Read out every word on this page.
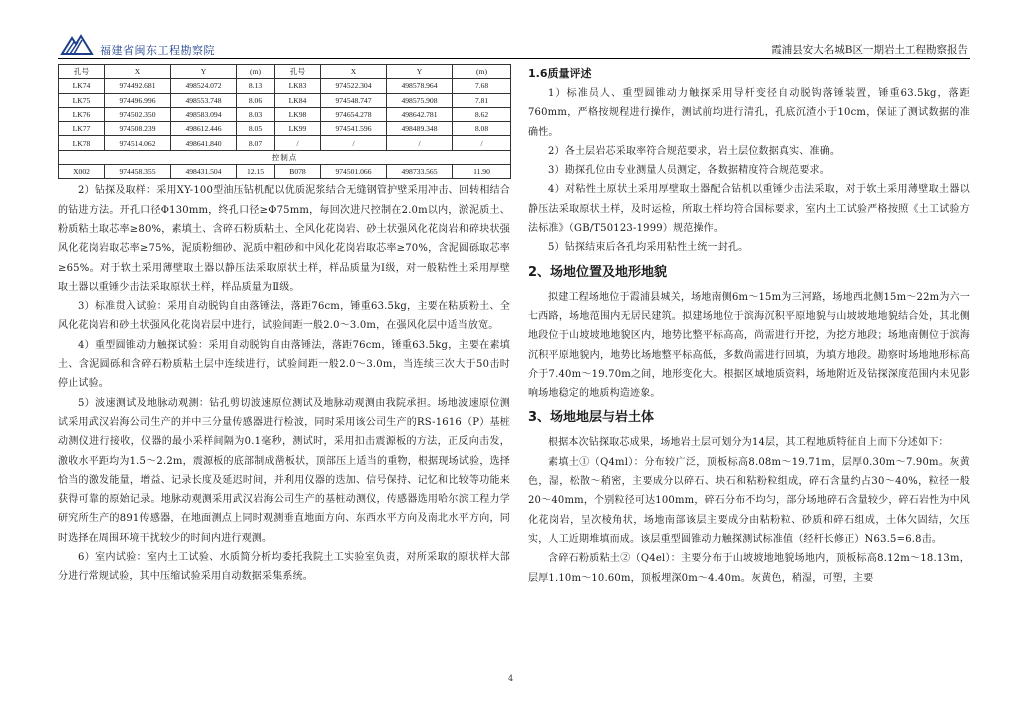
福建省闽东工程勘察院	霞浦县安大名城B区一期岩土工程勘察报告
孔号	X	Y	(m)	孔号	X	Y	(m)
LK74	974492.681	498524.072	8.13	LK83	974522.304	498578.964	7.68
LK75	974496.996	498553.748	8.06	LK84	974548.747	498575.908	7.81
LK76	974502.350	498583.094	8.03	LK98	974654.278	498642.781	8.62
LK77	974508.239	498612.446	8.05	LK99	974541.596	498489.348	8.08
LK78	974514.062	498641.840	8.07	/	/	/	/
控制点							
X002	974458.355	498431.504	12.15	B078	974501.066	498733.565	11.90

2）钻探及取样：采用XY-100型油压钻机配以优质泥浆结合无缝钢管护壁采用冲击、回转相结合的钻进方法。开孔口径Φ130mm，终孔口径≥Φ75mm，每回次进尺控制在2.0m以内，淤泥质土、粉质粘土取芯率≥80%，素填土、含碎石粉质粘土、全风化花岗岩、砂土状强风化花岗岩和碎块状强风化花岗岩取芯率≥75%，泥质粉细砂、泥质中粗砂和中风化花岗岩取芯率≥70%，含泥圆砾取芯率≥65%。对于软土采用薄壁取土器以静压法采取原状土样，样品质量为Ⅰ级，对一般粘性土采用厚壁取土器以重锤少击法采取原状土样，样品质量为Ⅱ级。

3）标准贯入试验：采用自动脱钩自由落锤法，落距76cm，锤重63.5kg，主要在粘质粉土、全风化花岗岩和砂土状强风化花岗岩层中进行，试验间距一般2.0～3.0m，在强风化层中适当放宽。

4）重型圆锥动力触探试验：采用自动脱钩自由落锤法，落距76cm，锤重63.5kg，主要在素填土、含泥圆砾和含碎石粉质粘土层中连续进行，试验间距一般2.0～3.0m，当连续三次大于50击时停止试验。

5）波速测试及地脉动观测：钻孔剪切波速原位测试及地脉动观测由我院承担。场地波速原位测试采用武汉岩海公司生产的并中三分量传感器进行检波，同时采用该公司生产的RS-1616（P）基桩动测仪进行接收，仪器的最小采样间隔为0.1毫秒，测试时，采用扣击震源板的方法，正反向击发，激收水平距均为1.5～2.2m，震源板的底部制成凿板状，顶部压上适当的重物，根据现场试验，选择恰当的激发能量，增益、记录长度及延迟时间，并利用仪器的迭加、信号保持、记忆和比较等功能来获得可靠的原始记录。地脉动观测采用武汉岩海公司生产的基桩动测仪，传感器选用哈尔滨工程力学研究所生产的891传感器，在地面测点上同时观测垂直地面方向、东西水平方向及南北水平方向，同时选择在周围环境干扰较少的时间内进行观测。

6）室内试验：室内土工试验、水质简分析均委托我院土工实验室负责，对所采取的原状样大部分进行常规试验，其中压缩试验采用自动数据采集系统。

1.6质量评述

1）标准员人、重型圆锥动力触探采用导杆变径自动脱钩落锤装置，锤重63.5kg，落距760mm，严格按规程进行操作，测试前均进行清孔，孔底沉渣小于10cm，保证了测试数据的准确性。

2）各土层岩芯采取率符合规范要求，岩土层位数据真实、准确。

3）勘探孔位由专业测量人员测定，各数据精度符合规范要求。

4）对粘性土原状土采用厚壁取土器配合钻机以重锤少击法采取，对于软土采用薄壁取土器以静压法采取原状土样，及时运检，所取土样均符合国标要求，室内土工试验严格按照《土工试验方法标准》（GB/T50123-1999）规范操作。

5）钻探结束后各孔均采用粘性土统一封孔。

2、场地位置及地形地貌

拟建工程场地位于霞浦县城关，场地南侧6m～15m为三河路，场地西北侧15m～22m为六一七西路，场地范围内无居民建筑。拟建场地位于滨海沉积平原地貌与山坡坡地地貌结合处，其北侧地段位于山坡坡地地貌区内，地势比整平标高高，尚需进行开挖，为挖方地段；场地南侧位于滨海沉积平原地貌内，地势比场地整平标高低，多数尚需进行回填，为填方地段。勘察时场地地形标高介于7.40m～19.70m之间，地形变化大。根据区域地质资料，场地附近及钻探深度范围内未见影响场地稳定的地质构造迹象。

3、场地地层与岩土体

根据本次钻探取芯成果，场地岩土层可划分为14层，其工程地质特征自上而下分述如下：

素填土①（Q4ml）：分布较广泛，顶板标高8.08m～19.71m，层厚0.30m～7.90m。灰黄色，湿，松散～稍密，主要成分以碎石、块石和粘粉粒组成，碎石含量约占30～40%，粒径一般20～40mm，个别粒径可达100mm，碎石分布不均匀，部分场地碎石含量较少，碎石岩性为中风化花岗岩，呈次棱角状，场地南部该层主要成分由粘粉粒、砂质和碎石组成，土体欠固结，欠压实，人工近期堆填而成。该层重型圆锥动力触探测试标准值（经杆长修正）N63.5=6.8击。

含碎石粉质粘土②（Q4el）：主要分布于山坡坡地地貌场地内，顶板标高8.12m～18.13m，层厚1.10m～10.60m，顶板埋深0m～4.40m。灰黄色，稍湿，可塑，主要

4
